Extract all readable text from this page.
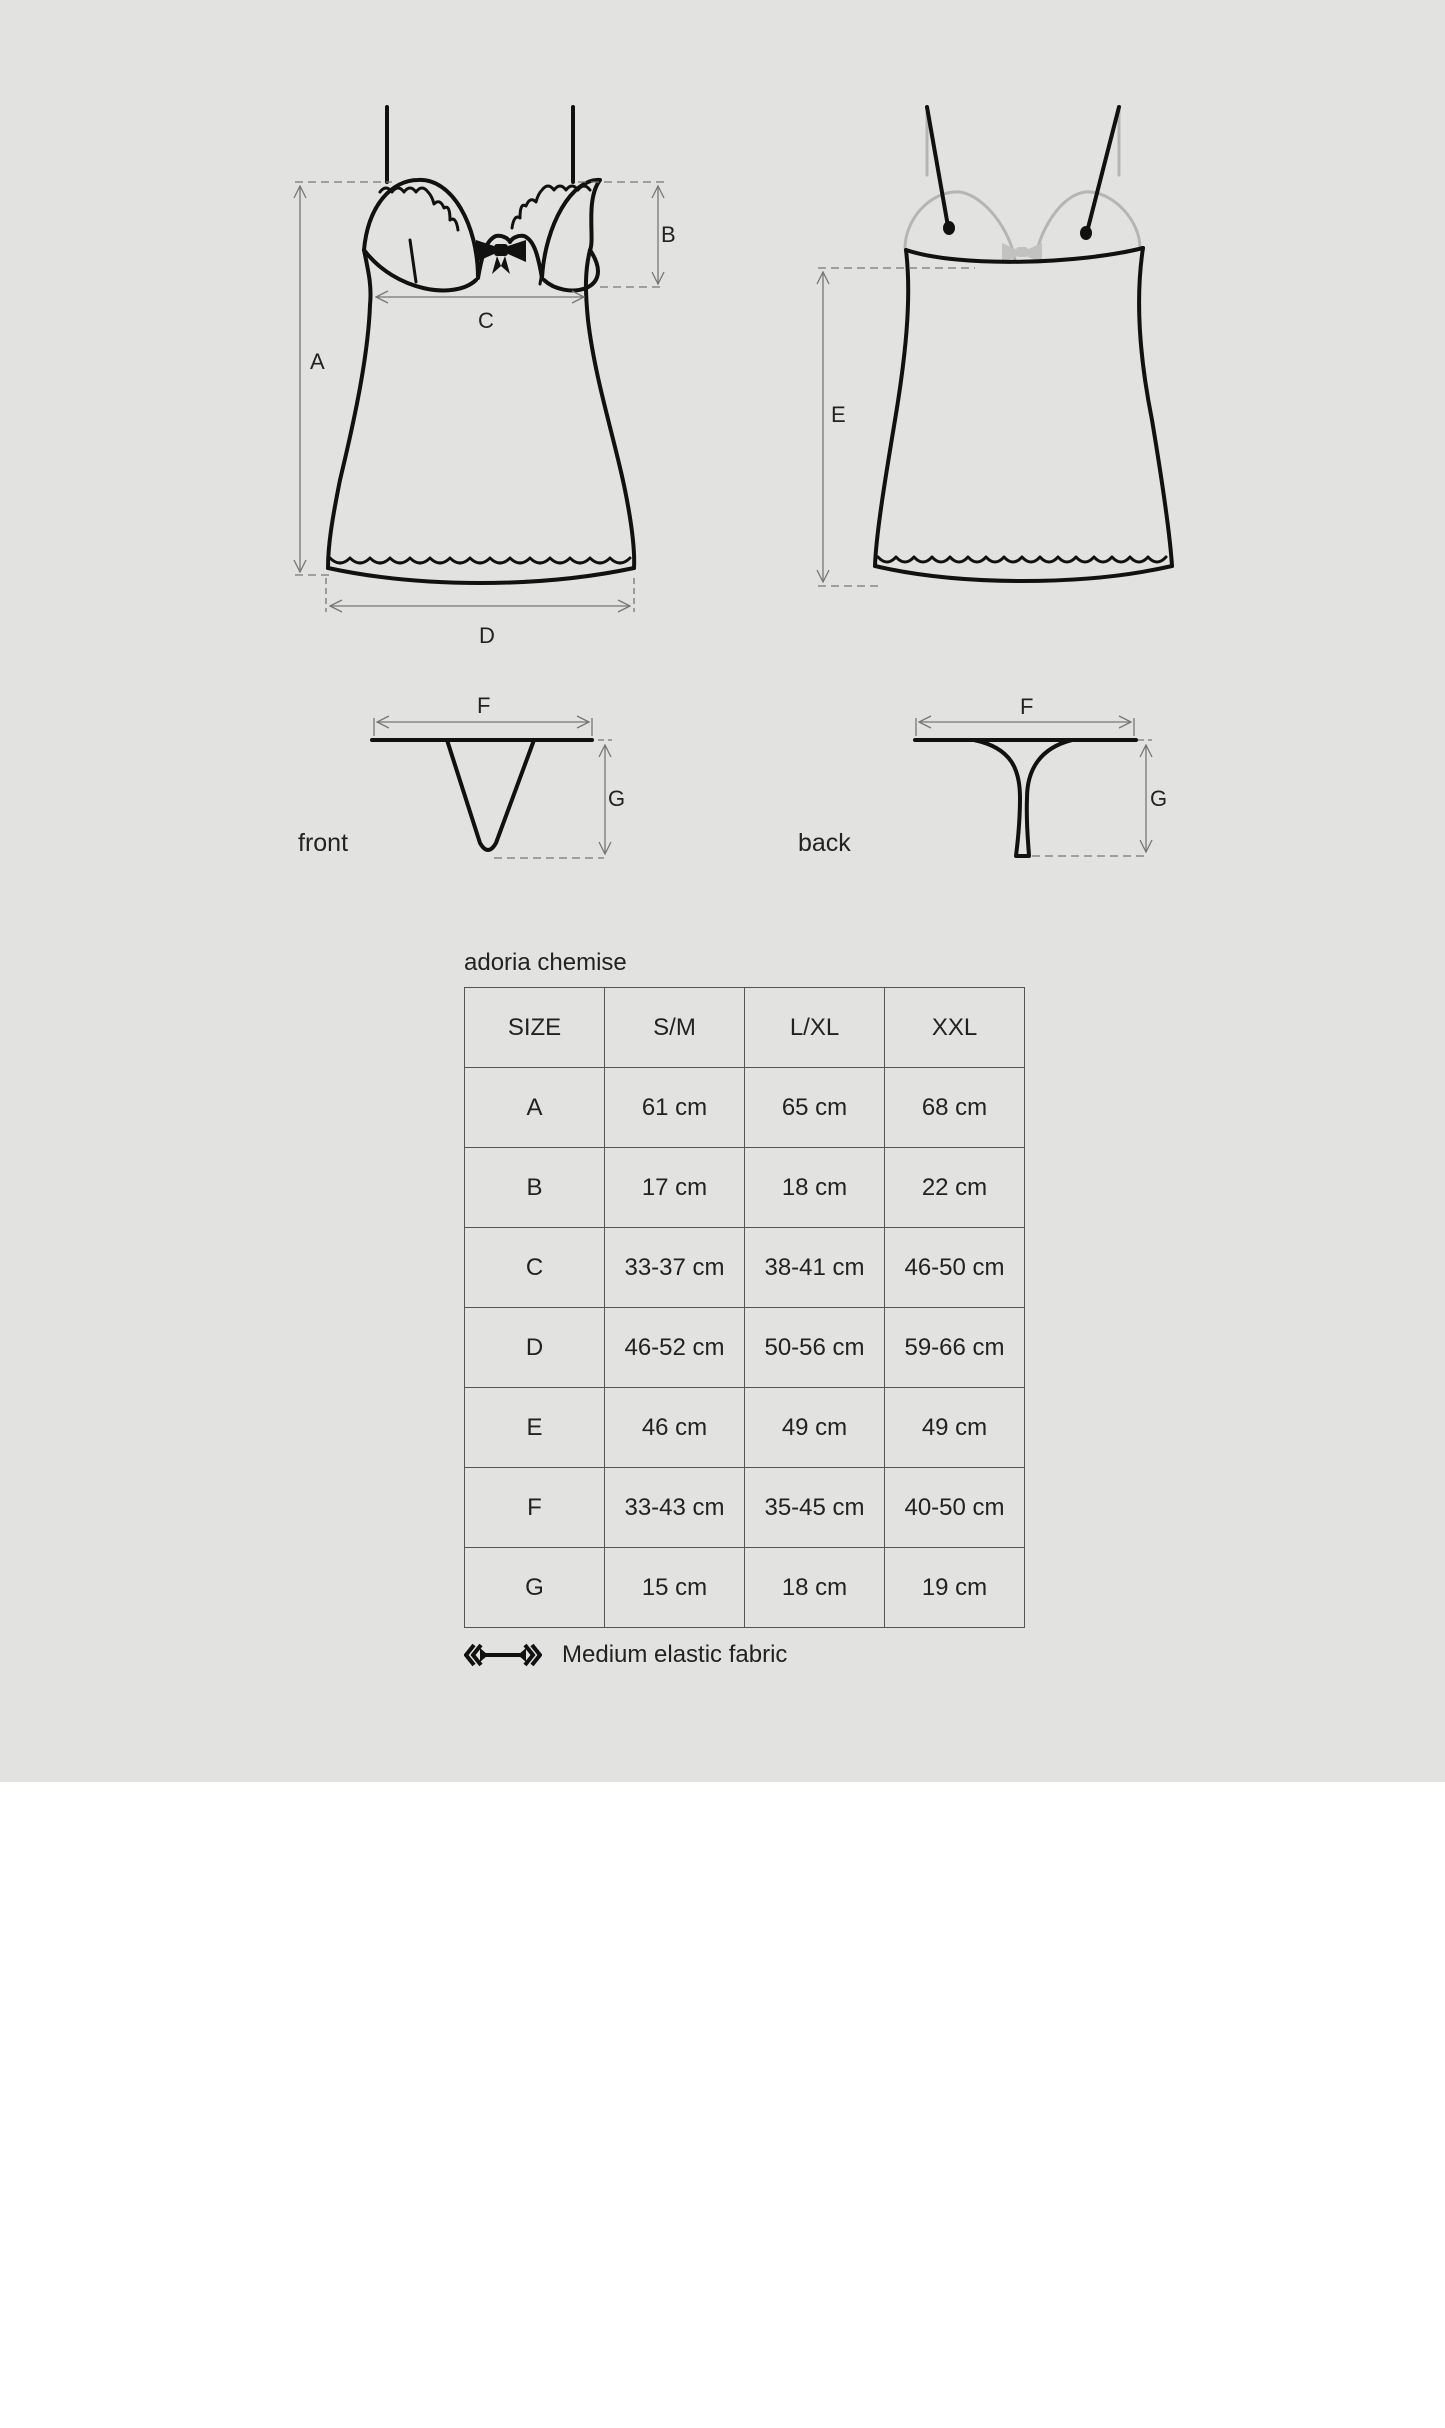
A
B
C
D
E
F
G
F
G
front	back
adoria chemise
SIZE	S/M	L/XL	XXL
A	61 cm	65 cm	68 cm
B	17 cm	18 cm	22 cm
C	33-37 cm	38-41 cm	46-50 cm
D	46-52 cm	50-56 cm	59-66 cm
E	46 cm	49 cm	49 cm
F	33-43 cm	35-45 cm	40-50 cm
G	15 cm	18 cm	19 cm
Medium elastic fabric
